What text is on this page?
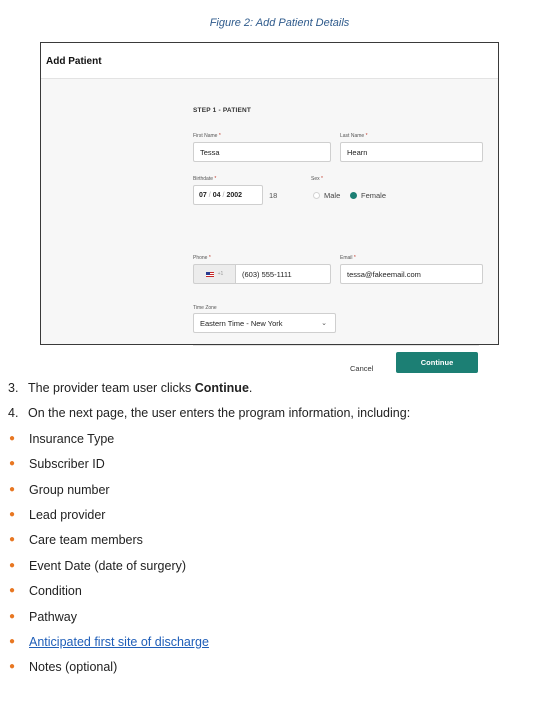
Figure 2: Add Patient Details
Add Patient
STEP 1 - PATIENT
First Name *
Tessa
Last Name *
Hearn
Birthdate *
07 / 04 / 2002	18
Sex *
Male	Female
Phone *
+1	(603) 555-1111
Email *
tessa@fakeemail.com
Time Zone
Eastern Time - New York	⌄
Cancel
Continue
3. The provider team user clicks Continue.
4. On the next page, the user enters the program information, including:
●	Insurance Type
●	Subscriber ID
●	Group number
●	Lead provider
●	Care team members
●	Event Date (date of surgery)
●	Condition
●	Pathway
●	Anticipated first site of discharge
●	Notes (optional)
